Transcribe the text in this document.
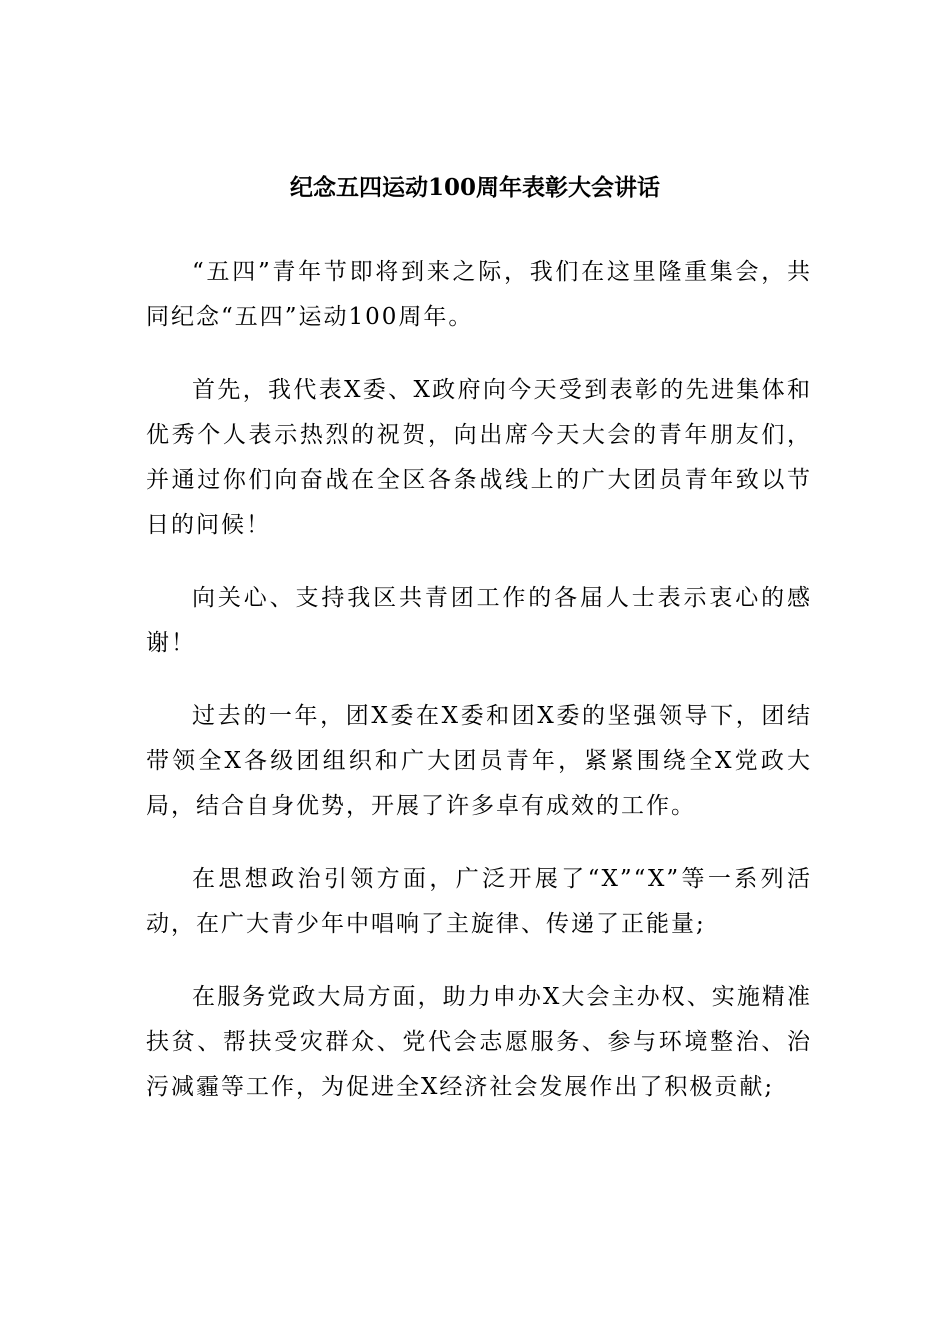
纪念五四运动100周年表彰大会讲话

“五四”青年节即将到来之际，我们在这里隆重集会，共同纪念“五四”运动100周年。

首先，我代表X委、X政府向今天受到表彰的先进集体和优秀个人表示热烈的祝贺，向出席今天大会的青年朋友们，并通过你们向奋战在全区各条战线上的广大团员青年致以节日的问候！

向关心、支持我区共青团工作的各届人士表示衷心的感谢！

过去的一年，团X委在X委和团X委的坚强领导下，团结带领全X各级团组织和广大团员青年，紧紧围绕全X党政大局，结合自身优势，开展了许多卓有成效的工作。

在思想政治引领方面，广泛开展了“X”“X”等一系列活动，在广大青少年中唱响了主旋律、传递了正能量;

在服务党政大局方面，助力申办X大会主办权、实施精准扶贫、帮扶受灾群众、党代会志愿服务、参与环境整治、治污减霾等工作，为促进全X经济社会发展作出了积极贡献;
